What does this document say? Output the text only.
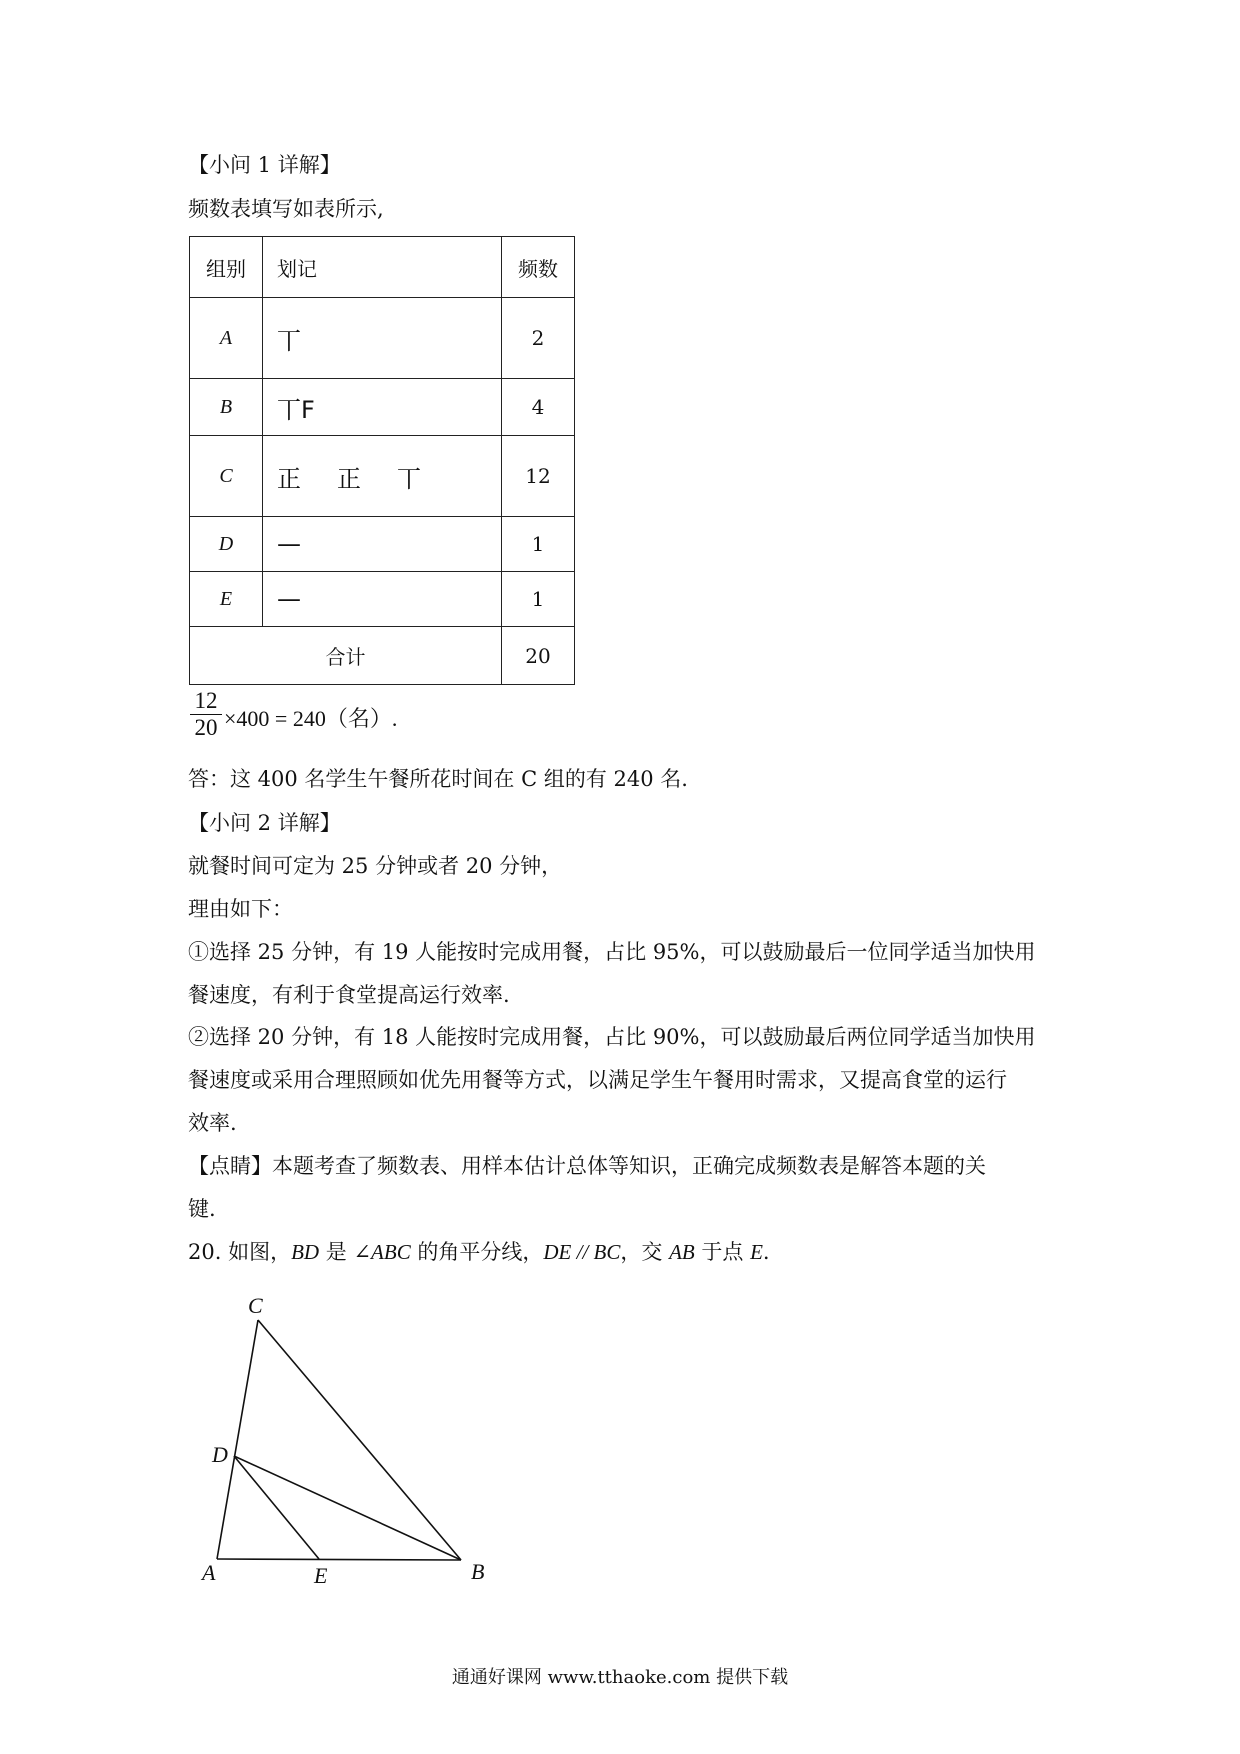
【小问 1 详解】
频数表填写如表所示,
组别	划记	频数
A	丅	2
B	丅F	4
C	正 正 丅	12
D	—	1
E	—	1
合计		20
12
20 ×400 = 240（名）.
答：这 400 名学生午餐所花时间在 C 组的有 240 名.
【小问 2 详解】
就餐时间可定为 25 分钟或者 20 分钟，
理由如下：
①选择 25 分钟，有 19 人能按时完成用餐，占比 95%，可以鼓励最后一位同学适当加快用
餐速度，有利于食堂提高运行效率.
②选择 20 分钟，有 18 人能按时完成用餐，占比 90%，可以鼓励最后两位同学适当加快用
餐速度或采用合理照顾如优先用餐等方式，以满足学生午餐用时需求，又提高食堂的运行
效率.
【点睛】本题考查了频数表、用样本估计总体等知识，正确完成频数表是解答本题的关
键.
20. 如图，BD 是 ∠ABC 的角平分线，DE // BC，交 AB 于点 E.
C
D
A	E	B
通通好课网 www.tthaoke.com 提供下载
